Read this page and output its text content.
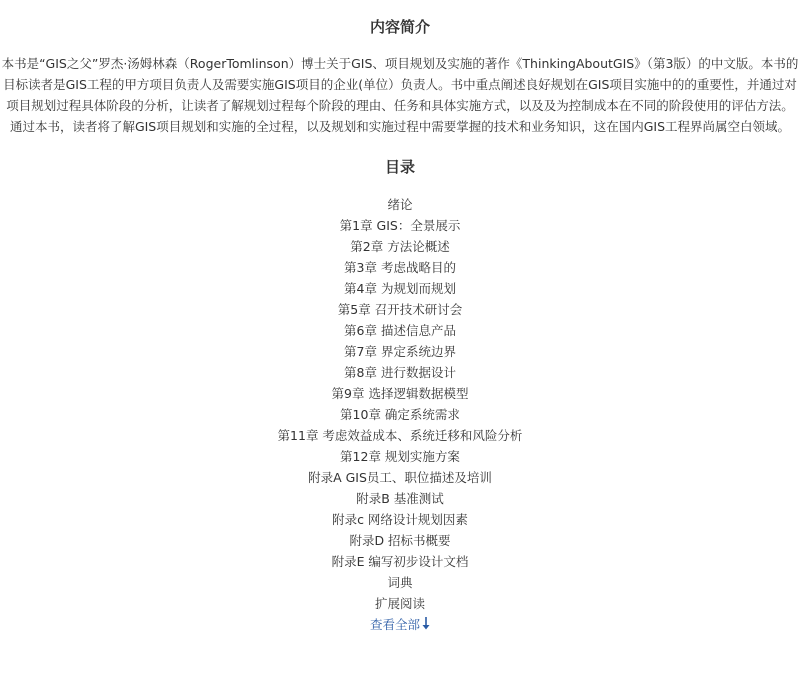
内容简介

本书是“GIS之父”罗杰·汤姆林森（RogerTomlinson）博士关于GIS、项目规划及实施的著作《ThinkingAboutGIS》（第3版）的中文版。本书的目标读者是GIS工程的甲方项目负责人及需要实施GIS项目的企业(单位）负责人。书中重点阐述良好规划在GIS项目实施中的的重要性，并通过对项目规划过程具体阶段的分析，让读者了解规划过程每个阶段的理由、任务和具体实施方式，以及及为控制成本在不同的阶段使用的评估方法。

通过本书，读者将了解GIS项目规划和实施的全过程，以及规划和实施过程中需要掌握的技术和业务知识，这在国内GIS工程界尚属空白领域。

目录
绪论
第1章 GIS：全景展示
第2章 方法论概述
第3章 考虑战略目的
第4章 为规划而规划
第5章 召开技术研讨会
第6章 描述信息产品
第7章 界定系统边界
第8章 进行数据设计
第9章 选择逻辑数据模型
第10章 确定系统需求
第11章 考虑效益成本、系统迁移和风险分析
第12章 规划实施方案
附录A GIS员工、职位描述及培训
附录B 基准测试
附录c 网络设计规划因素
附录D 招标书概要
附录E 编写初步设计文档
词典
扩展阅读
查看全部
